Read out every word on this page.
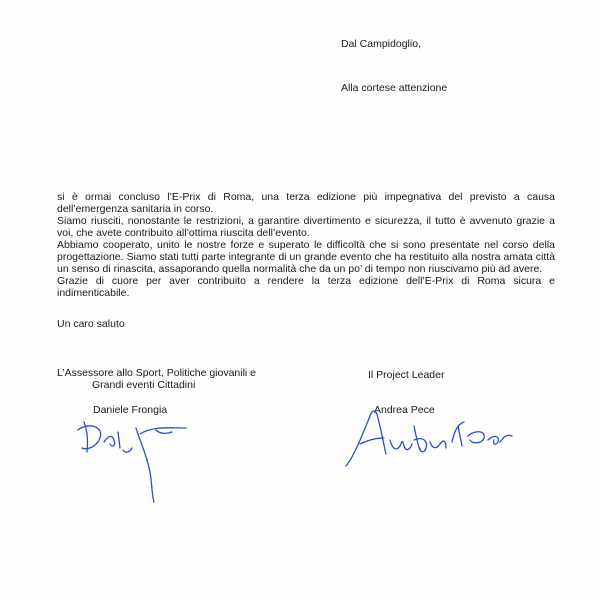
Dal Campidoglio,
Alla cortese attenzione

si è ormai concluso l’E-Prix di Roma, una terza edizione più impegnativa del previsto a causa dell’emergenza sanitaria in corso.

Siamo riusciti, nonostante le restrizioni, a garantire divertimento e sicurezza, il tutto è avvenuto grazie a voi, che avete contribuito all’ottima riuscita dell’evento.

Abbiamo cooperato, unito le nostre forze e superato le difficoltà che si sono presentate nel corso della progettazione. Siamo stati tutti parte integrante di un grande evento che ha restituito alla nostra amata città un senso di rinascita, assaporando quella normalità che da un po’ di tempo non riuscivamo più ad avere.

Grazie di cuore per aver contribuito a rendere la terza edizione dell’E-Prix di Roma sicura e indimenticabile.

Un caro saluto
L’Assessore allo Sport, Politiche giovanili e
Grandi eventi Cittadini
Daniele Frongia
Il Project Leader
Andrea Pece
